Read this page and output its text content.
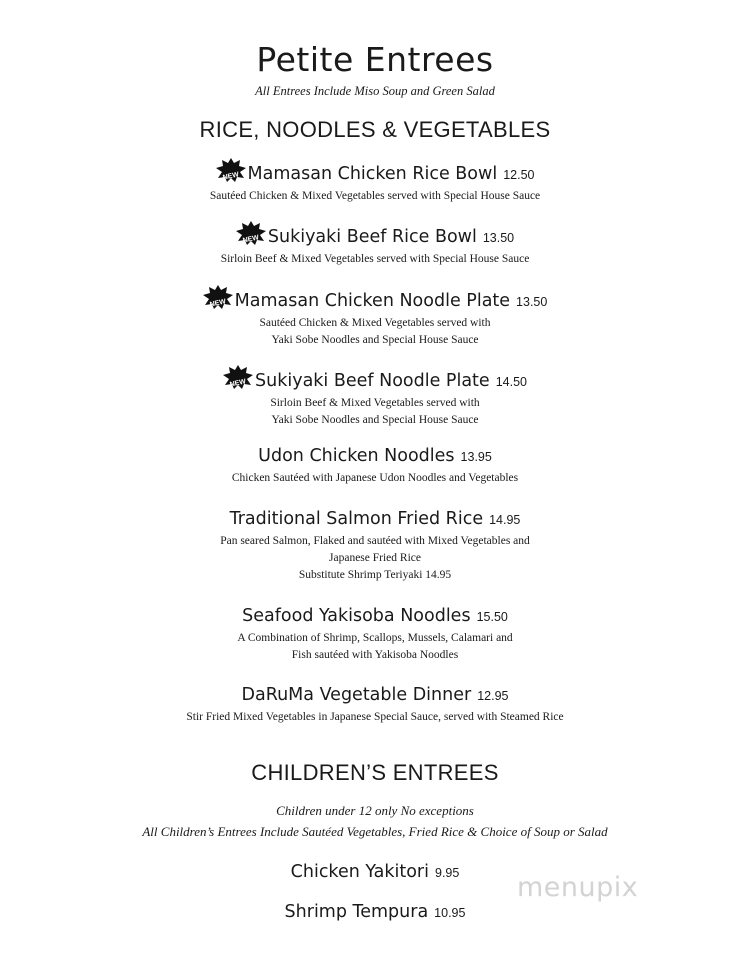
Petite Entrees
All Entrees Include Miso Soup and Green Salad
RICE, NOODLES & VEGETABLES
NEW Mamasan Chicken Rice Bowl 12.50
Sautéed Chicken & Mixed Vegetables served with Special House Sauce
NEW Sukiyaki Beef Rice Bowl 13.50
Sirloin Beef & Mixed Vegetables served with Special House Sauce
NEW Mamasan Chicken Noodle Plate 13.50
Sautéed Chicken & Mixed Vegetables served with
Yaki Sobe Noodles and Special House Sauce
NEW Sukiyaki Beef Noodle Plate 14.50
Sirloin Beef & Mixed Vegetables served with
Yaki Sobe Noodles and Special House Sauce
Udon Chicken Noodles 13.95
Chicken Sautéed with Japanese Udon Noodles and Vegetables
Traditional Salmon Fried Rice 14.95
Pan seared Salmon, Flaked and sautéed with Mixed Vegetables and
Japanese Fried Rice
Substitute Shrimp Teriyaki 14.95
Seafood Yakisoba Noodles 15.50
A Combination of Shrimp, Scallops, Mussels, Calamari and
Fish sautéed with Yakisoba Noodles
DaRuMa Vegetable Dinner 12.95
Stir Fried Mixed Vegetables in Japanese Special Sauce, served with Steamed Rice
CHILDREN’S ENTREES
Children under 12 only No exceptions
All Children’s Entrees Include Sautéed Vegetables, Fried Rice & Choice of Soup or Salad
Chicken Yakitori 9.95
Shrimp Tempura 10.95
menupix
